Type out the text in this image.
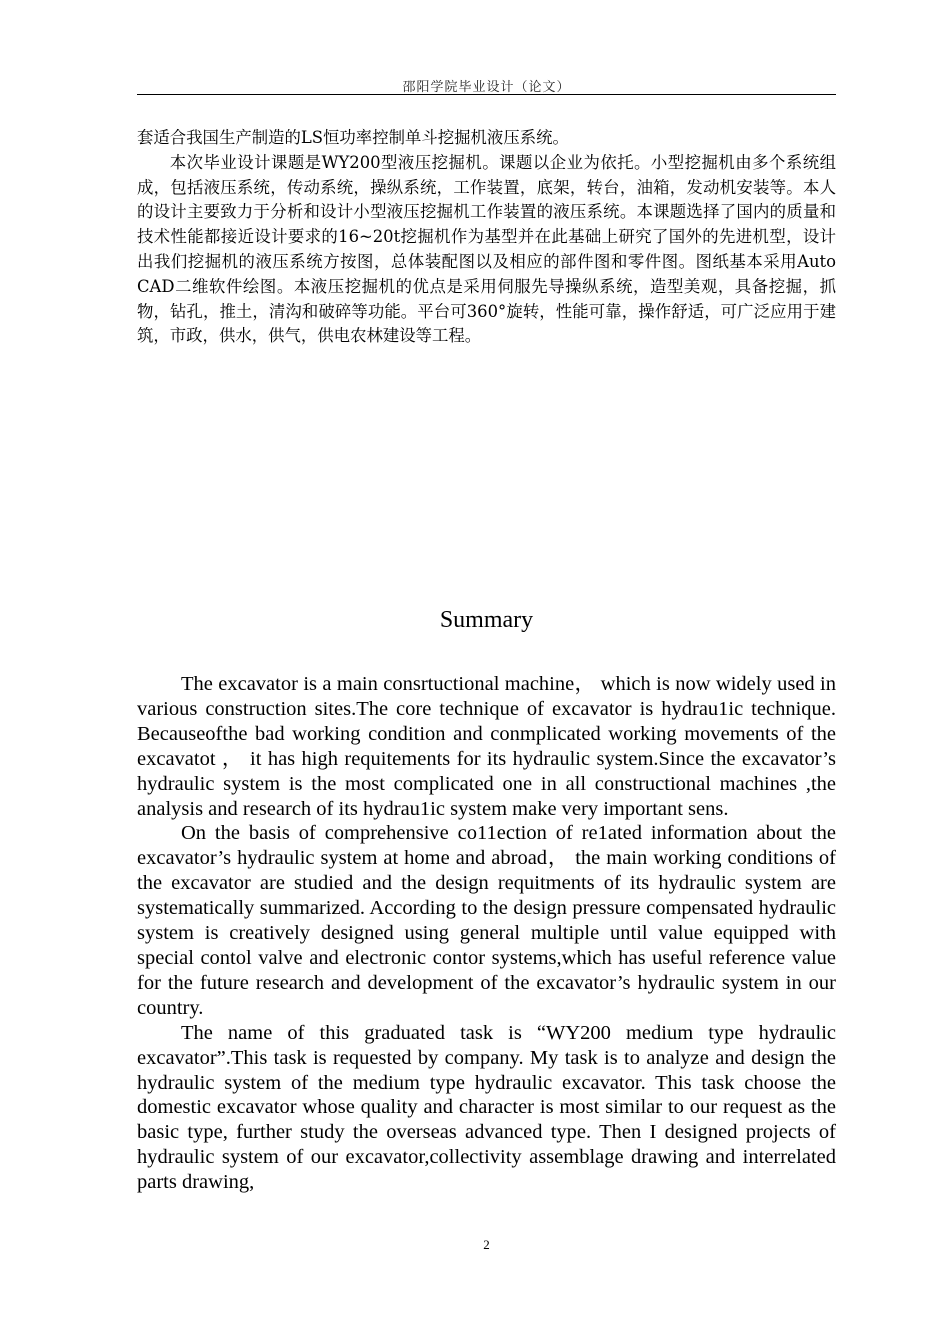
邵阳学院毕业设计（论文）

套适合我国生产制造的LS恒功率控制单斗挖掘机液压系统。

本次毕业设计课题是WY200型液压挖掘机。课题以企业为依托。小型挖掘机由多个系统组成，包括液压系统，传动系统，操纵系统，工作装置，底架，转台，油箱，发动机安装等。本人的设计主要致力于分析和设计小型液压挖掘机工作装置的液压系统。本课题选择了国内的质量和技术性能都接近设计要求的16~20t挖掘机作为基型并在此基础上研究了国外的先进机型，设计出我们挖掘机的液压系统方按图，总体装配图以及相应的部件图和零件图。图纸基本采用Auto CAD二维软件绘图。本液压挖掘机的优点是采用伺服先导操纵系统，造型美观，具备挖掘，抓物，钻孔，推土，清沟和破碎等功能。平台可360°旋转，性能可靠，操作舒适，可广泛应用于建筑，市政，供水，供气，供电农林建设等工程。

Summary

The excavator is a main consrtuctional machine， which is now widely used in various construction sites.The core technique of excavator is hydrau1ic technique. Becauseofthe bad working condition and conmplicated working movements of the excavatot ， it has high requitements for its hydraulic system.Since the excavator’s hydraulic system is the most complicated one in all constructional machines ,the analysis and research of its hydrau1ic system make very important sens.

On the basis of comprehensive co11ection of re1ated information about the excavator’s hydraulic system at home and abroad， the main working conditions of the excavator are studied and the design requitments of its hydraulic system are systematically summarized. According to the design pressure compensated hydraulic system is creatively designed using general multiple until value equipped with special contol valve and electronic contor systems,which has useful reference value for the future research and development of the excavator’s hydraulic system in our country.

The name of this graduated task is “WY200 medium type hydraulic excavator”.This task is requested by company. My task is to analyze and design the hydraulic system of the medium type hydraulic excavator. This task choose the domestic excavator whose quality and character is most similar to our request as the basic type, further study the overseas advanced type. Then I designed projects of hydraulic system of our excavator,collectivity assemblage drawing and interrelated parts drawing,

2
